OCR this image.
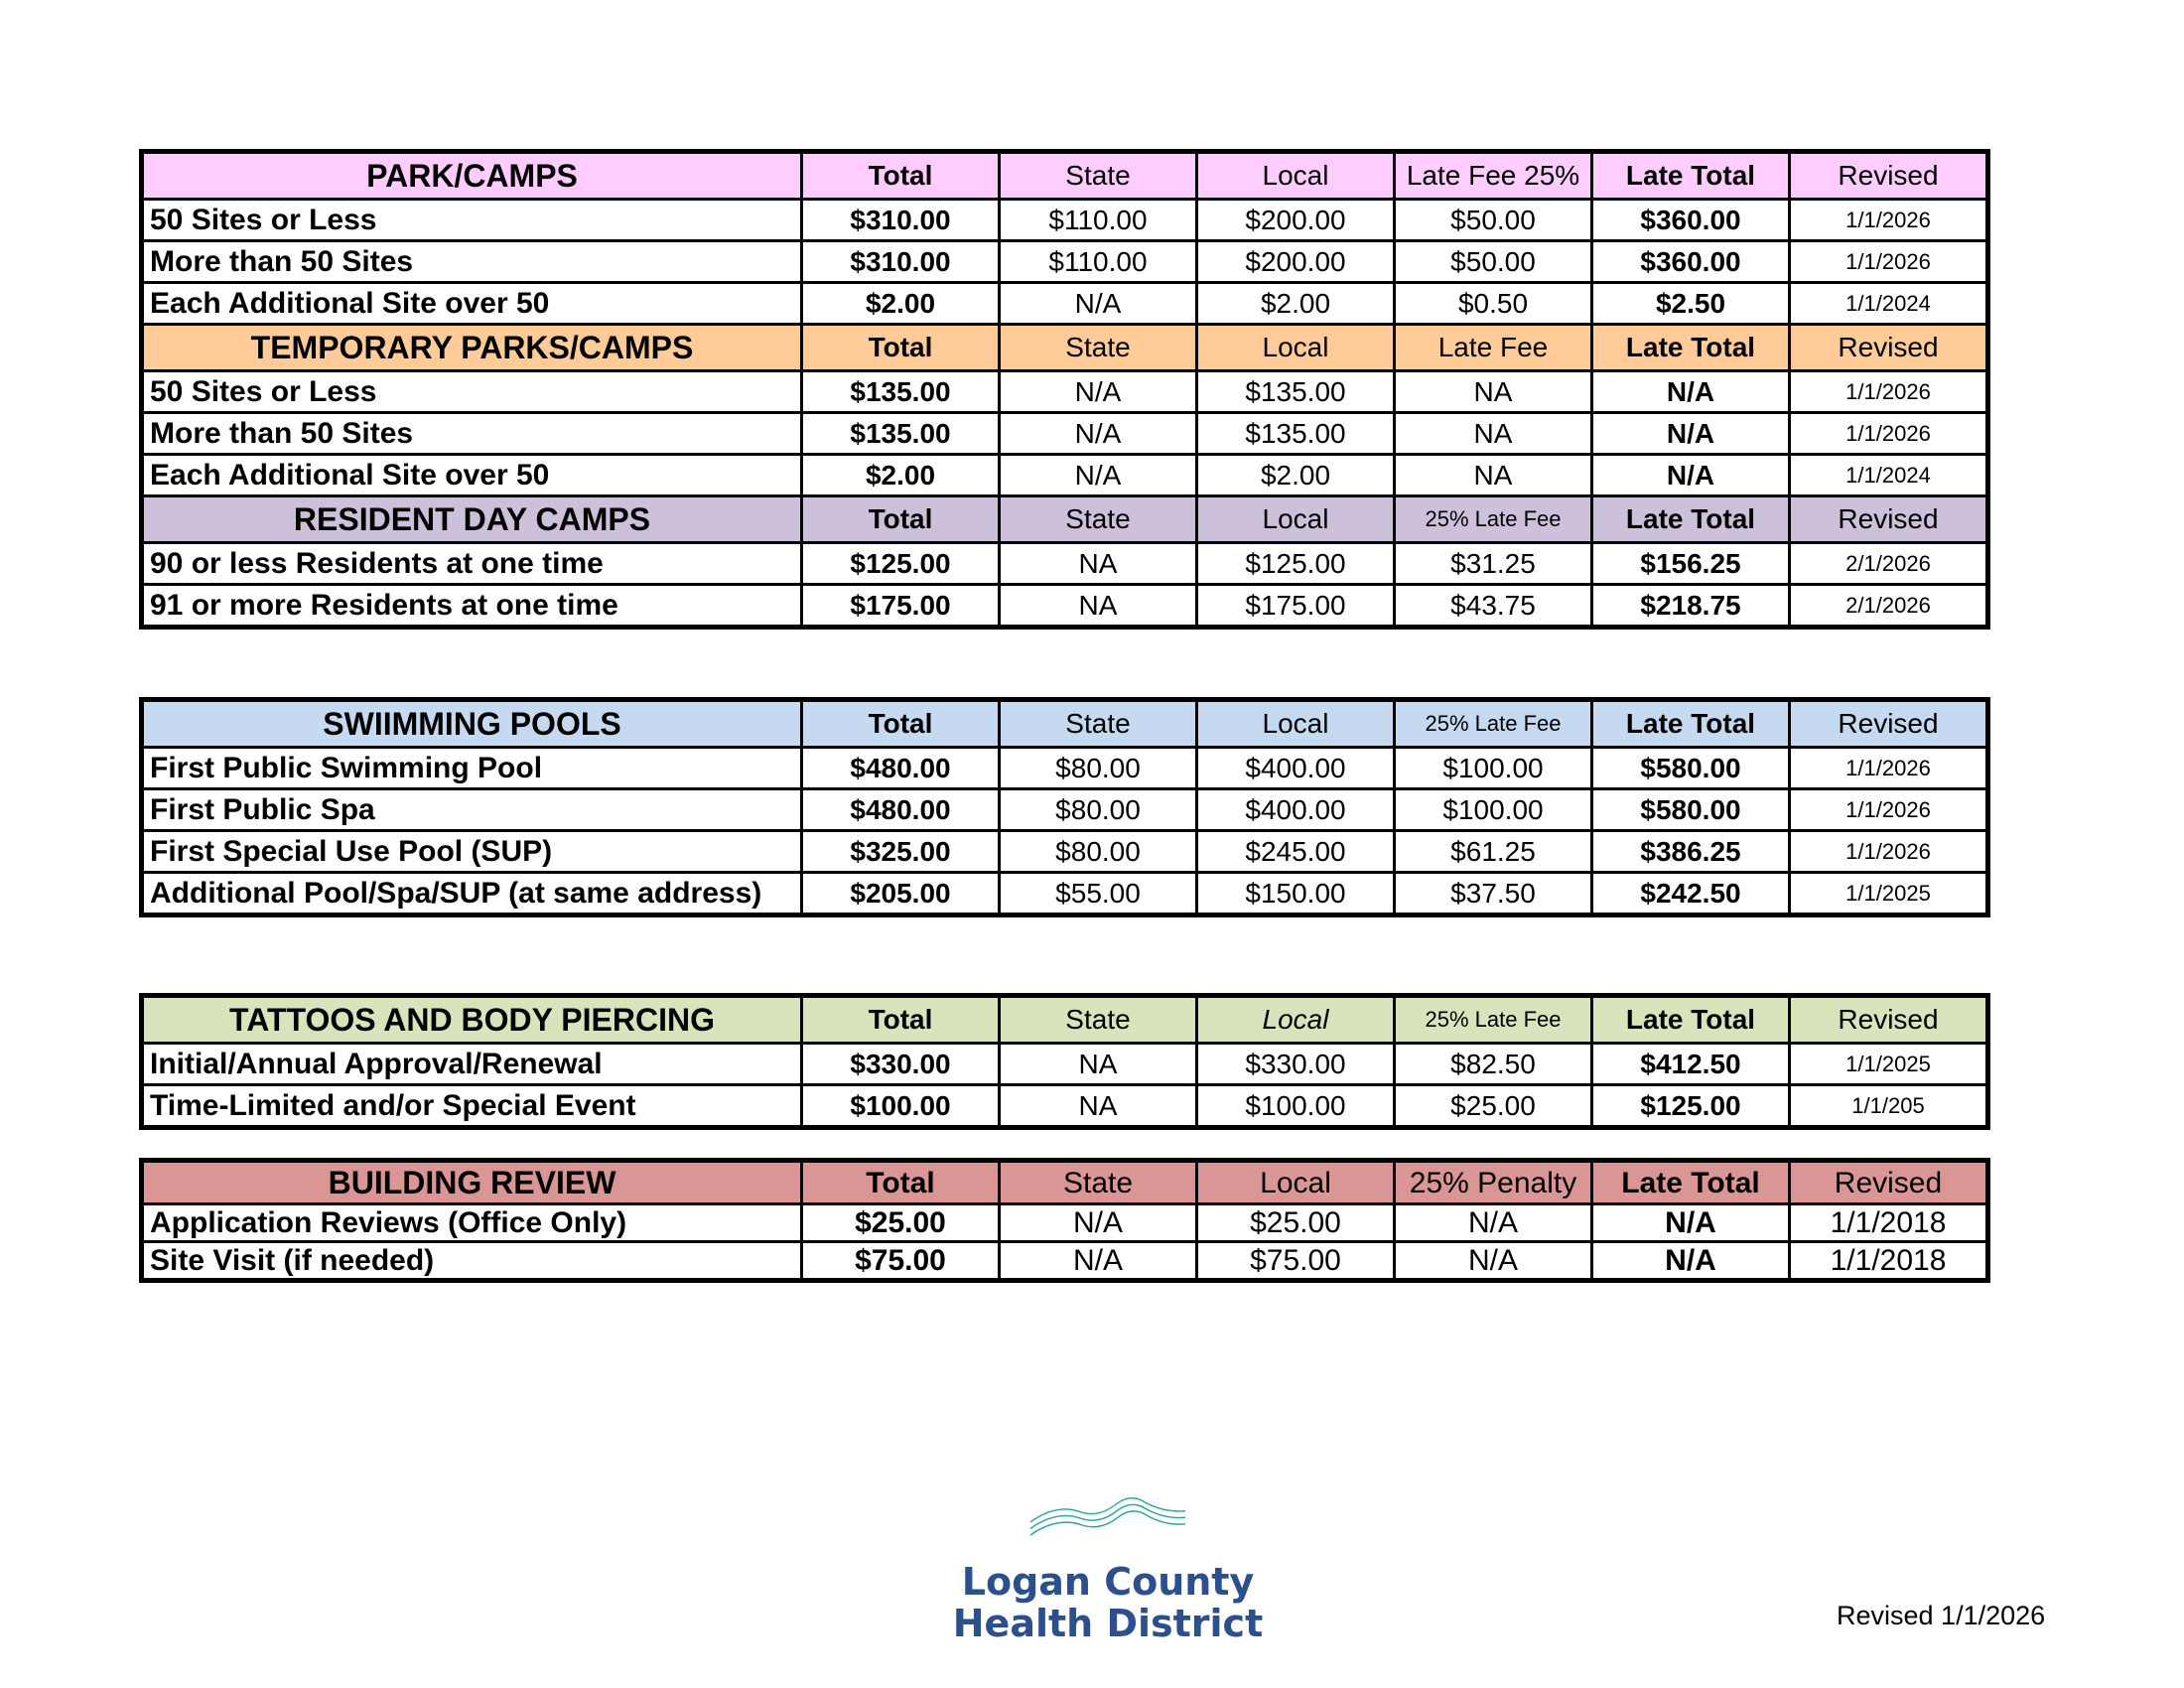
PARK/CAMPS	Total	State	Local	Late Fee 25%	Late Total	Revised
50 Sites or Less	$310.00	$110.00	$200.00	$50.00	$360.00	1/1/2026
More than 50 Sites	$310.00	$110.00	$200.00	$50.00	$360.00	1/1/2026
Each Additional Site over 50	$2.00	N/A	$2.00	$0.50	$2.50	1/1/2024
TEMPORARY PARKS/CAMPS	Total	State	Local	Late Fee	Late Total	Revised
50 Sites or Less	$135.00	N/A	$135.00	NA	N/A	1/1/2026
More than 50 Sites	$135.00	N/A	$135.00	NA	N/A	1/1/2026
Each Additional Site over 50	$2.00	N/A	$2.00	NA	N/A	1/1/2024
RESIDENT DAY CAMPS	Total	State	Local	25% Late Fee	Late Total	Revised
90 or less Residents at one time	$125.00	NA	$125.00	$31.25	$156.25	2/1/2026
91 or more Residents at one time	$175.00	NA	$175.00	$43.75	$218.75	2/1/2026
SWIIMMING POOLS	Total	State	Local	25% Late Fee	Late Total	Revised
First Public Swimming Pool	$480.00	$80.00	$400.00	$100.00	$580.00	1/1/2026
First Public Spa	$480.00	$80.00	$400.00	$100.00	$580.00	1/1/2026
First Special Use Pool (SUP)	$325.00	$80.00	$245.00	$61.25	$386.25	1/1/2026
Additional Pool/Spa/SUP (at same address)	$205.00	$55.00	$150.00	$37.50	$242.50	1/1/2025
TATTOOS AND BODY PIERCING	Total	State	Local	25% Late Fee	Late Total	Revised
Initial/Annual Approval/Renewal	$330.00	NA	$330.00	$82.50	$412.50	1/1/2025
Time-Limited and/or Special Event	$100.00	NA	$100.00	$25.00	$125.00	1/1/205
BUILDING REVIEW	Total	State	Local	25% Penalty	Late Total	Revised
Application Reviews (Office Only)	$25.00	N/A	$25.00	N/A	N/A	1/1/2018
Site Visit (if needed)	$75.00	N/A	$75.00	N/A	N/A	1/1/2018
Logan County
Health District	Revised 1/1/2026
